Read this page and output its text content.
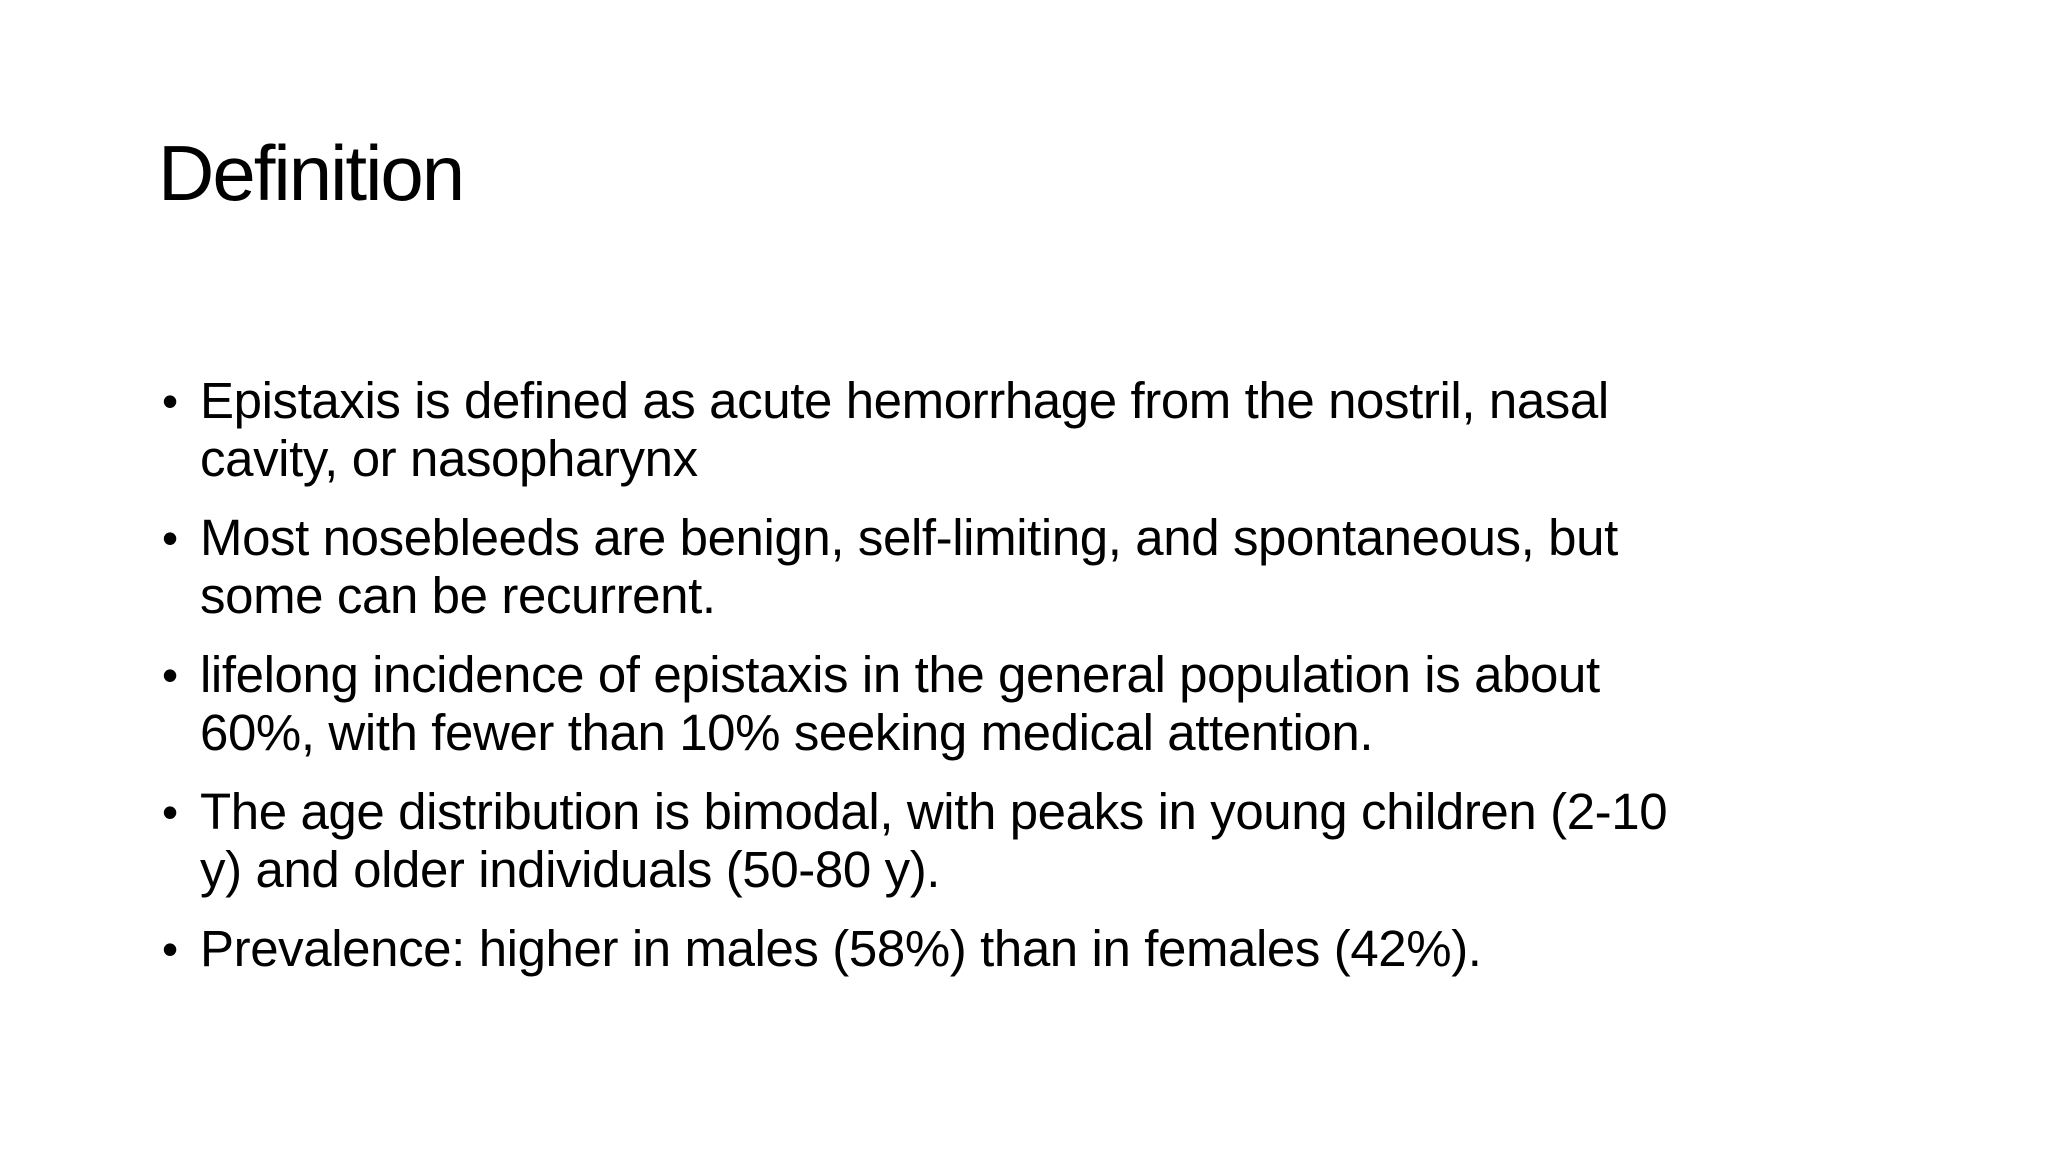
Definition
• Epistaxis is defined as acute hemorrhage from the nostril, nasal
cavity, or nasopharynx
• Most nosebleeds are benign, self-limiting, and spontaneous, but
some can be recurrent.
• lifelong incidence of epistaxis in the general population is about
60%, with fewer than 10% seeking medical attention.
• The age distribution is bimodal, with peaks in young children (2-10
y) and older individuals (50-80 y).
• Prevalence: higher in males (58%) than in females (42%).
